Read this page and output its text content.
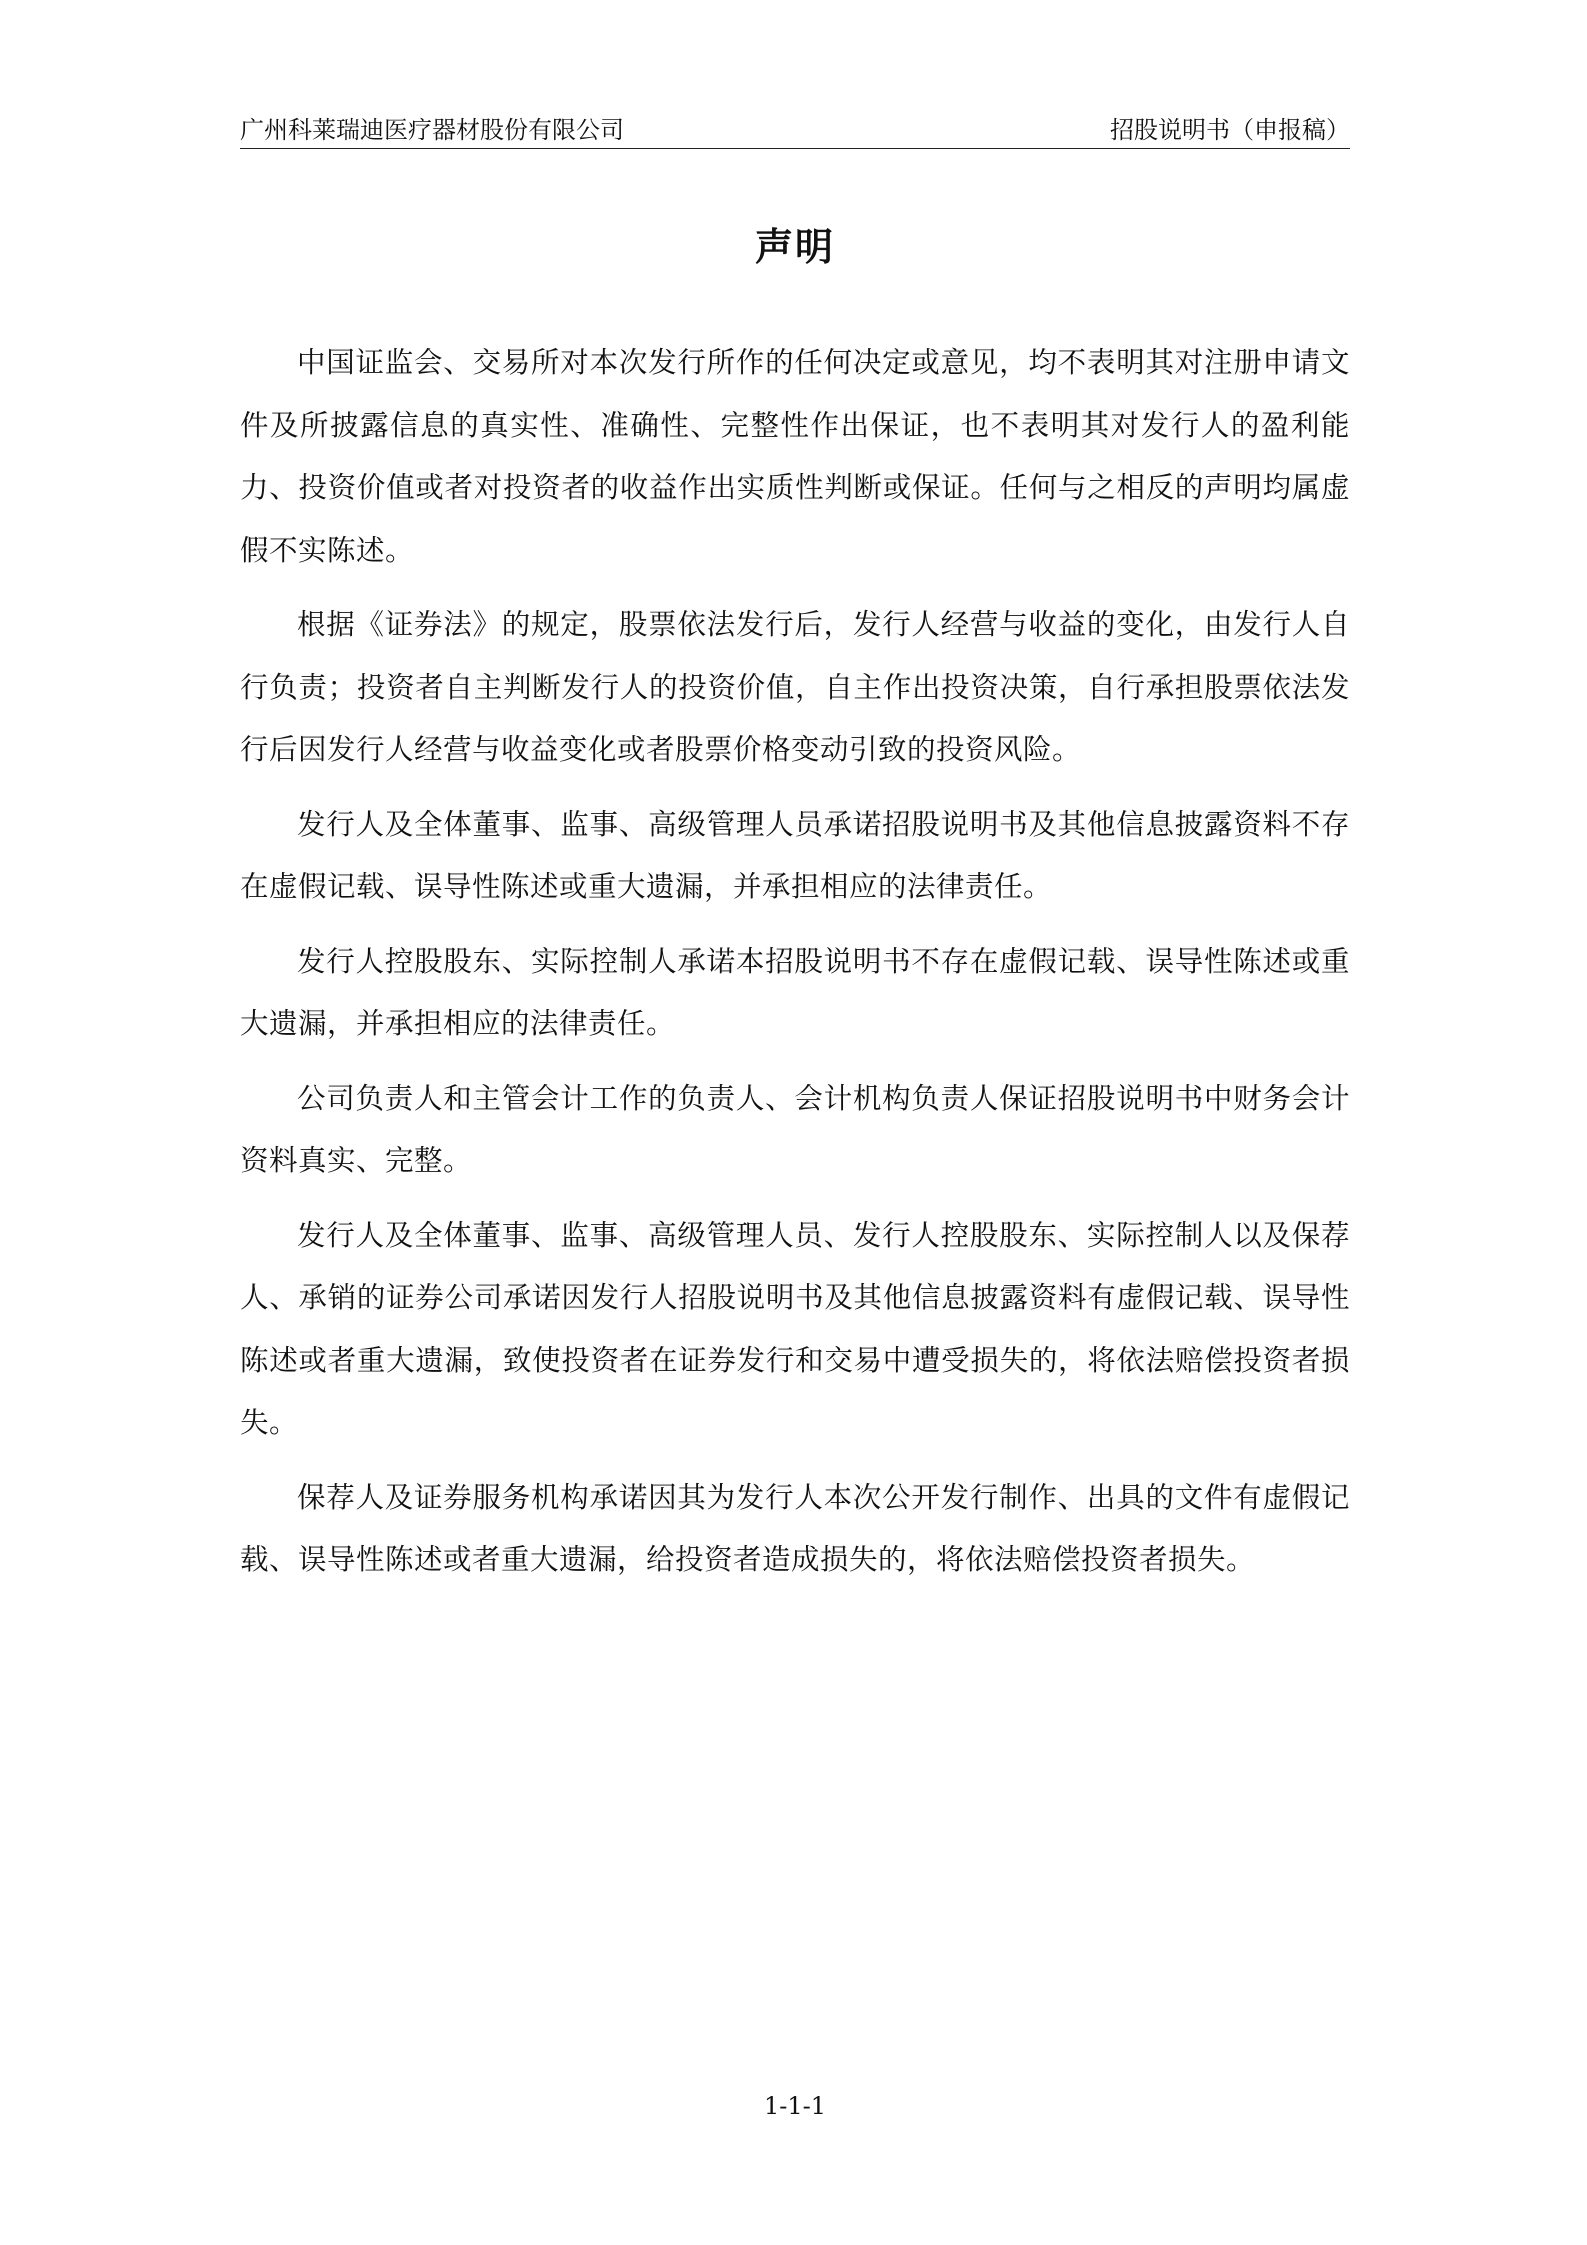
广州科莱瑞迪医疗器材股份有限公司	招股说明书（申报稿）
声明

中国证监会、交易所对本次发行所作的任何决定或意见，均不表明其对注册申请文件及所披露信息的真实性、准确性、完整性作出保证，也不表明其对发行人的盈利能力、投资价值或者对投资者的收益作出实质性判断或保证。任何与之相反的声明均属虚假不实陈述。

根据《证券法》的规定，股票依法发行后，发行人经营与收益的变化，由发行人自行负责；投资者自主判断发行人的投资价值，自主作出投资决策，自行承担股票依法发行后因发行人经营与收益变化或者股票价格变动引致的投资风险。

发行人及全体董事、监事、高级管理人员承诺招股说明书及其他信息披露资料不存在虚假记载、误导性陈述或重大遗漏，并承担相应的法律责任。

发行人控股股东、实际控制人承诺本招股说明书不存在虚假记载、误导性陈述或重大遗漏，并承担相应的法律责任。

公司负责人和主管会计工作的负责人、会计机构负责人保证招股说明书中财务会计资料真实、完整。

发行人及全体董事、监事、高级管理人员、发行人控股股东、实际控制人以及保荐人、承销的证券公司承诺因发行人招股说明书及其他信息披露资料有虚假记载、误导性陈述或者重大遗漏，致使投资者在证券发行和交易中遭受损失的，将依法赔偿投资者损失。

保荐人及证券服务机构承诺因其为发行人本次公开发行制作、出具的文件有虚假记载、误导性陈述或者重大遗漏，给投资者造成损失的，将依法赔偿投资者损失。

1-1-1
